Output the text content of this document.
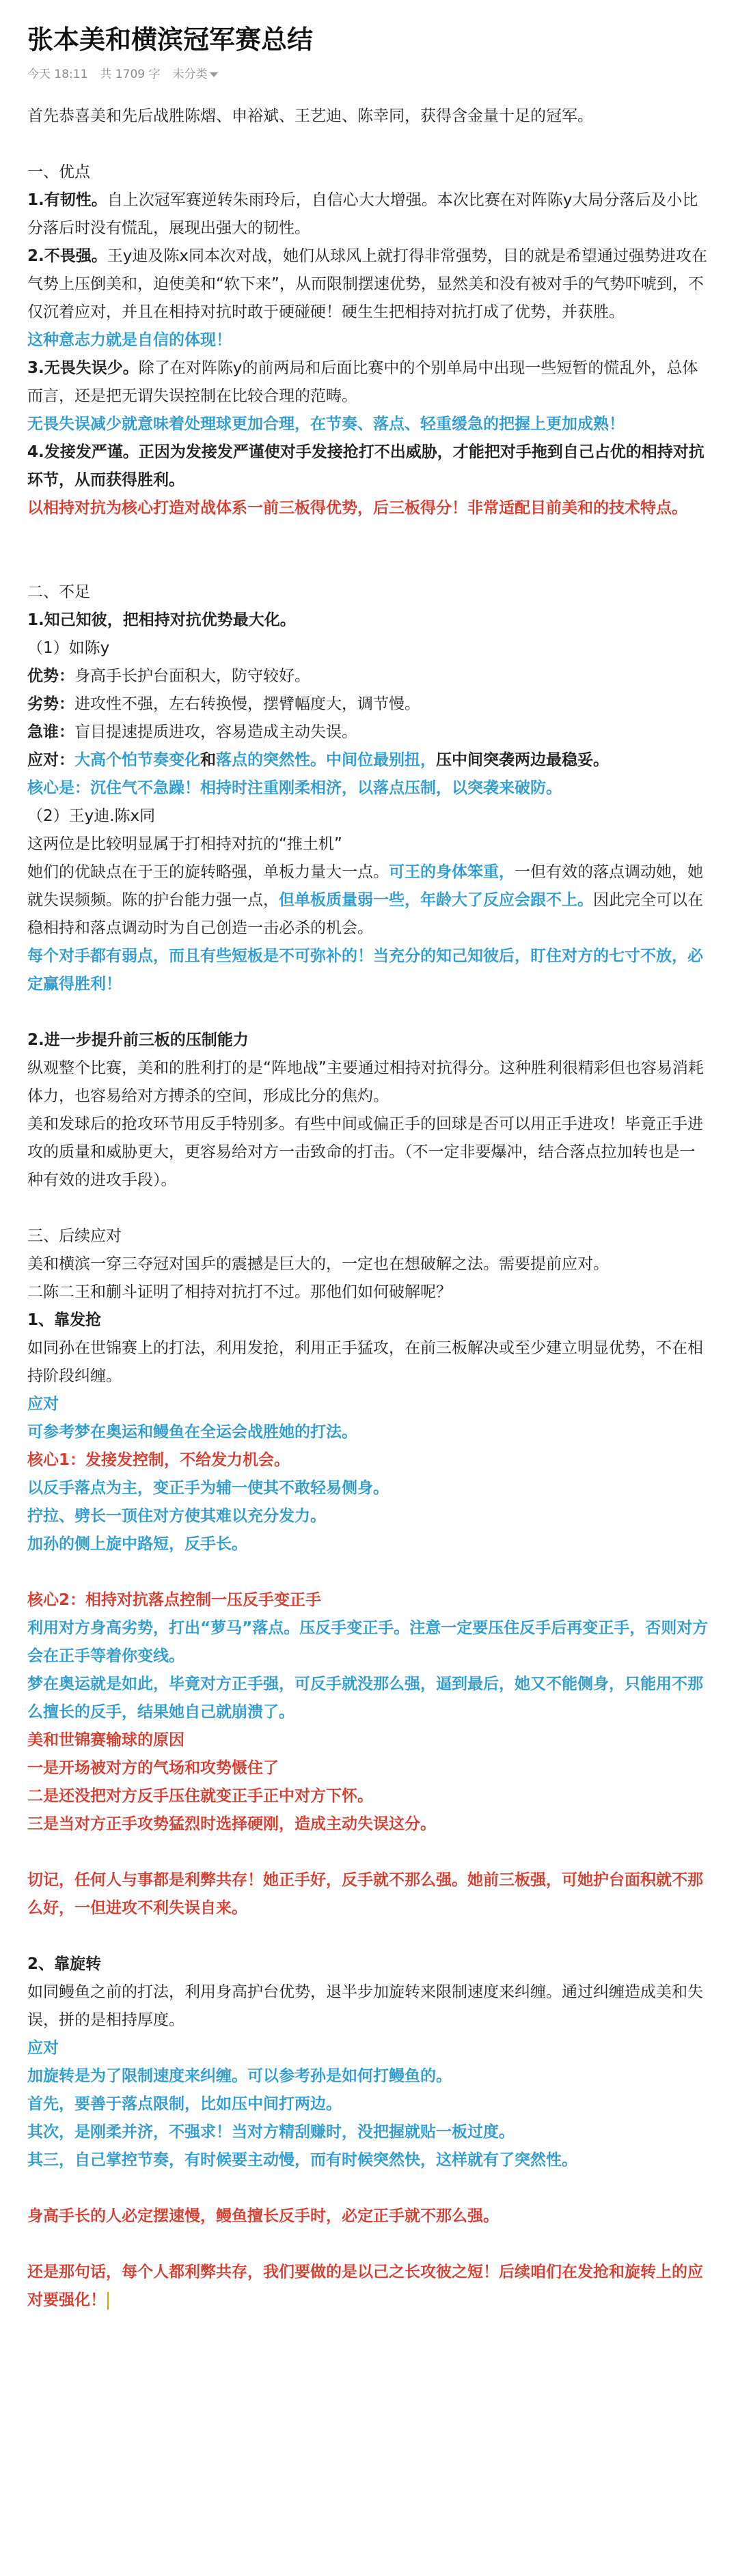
张本美和横滨冠军赛总结
今天 18:11 共 1709 字 未分类

首先恭喜美和先后战胜陈熠、申裕斌、王艺迪、陈幸同，获得含金量十足的冠军。

一、优点

1.有韧性。自上次冠军赛逆转朱雨玲后，自信心大大增强。本次比赛在对阵陈y大局分落后及小比分落后时没有慌乱，展现出强大的韧性。

2.不畏强。王y迪及陈x同本次对战，她们从球风上就打得非常强势，目的就是希望通过强势进攻在气势上压倒美和，迫使美和“软下来”，从而限制摆速优势，显然美和没有被对手的气势吓唬到，不仅沉着应对，并且在相持对抗时敢于硬碰硬！硬生生把相持对抗打成了优势，并获胜。

这种意志力就是自信的体现！

3.无畏失误少。除了在对阵陈y的前两局和后面比赛中的个别单局中出现一些短暂的慌乱外，总体而言，还是把无谓失误控制在比较合理的范畴。

无畏失误减少就意味着处理球更加合理，在节奏、落点、轻重缓急的把握上更加成熟！

4.发接发严谨。正因为发接发严谨使对手发接抢打不出威胁，才能把对手拖到自己占优的相持对抗环节，从而获得胜利。

以相持对抗为核心打造对战体系一前三板得优势，后三板得分！非常适配目前美和的技术特点。

二、不足

1.知己知彼，把相持对抗优势最大化。

（1）如陈y

优势：身高手长护台面积大，防守较好。

劣势：进攻性不强，左右转换慢，摆臂幅度大，调节慢。

急谁：盲目提速提质进攻，容易造成主动失误。

应对：大高个怕节奏变化和落点的突然性。中间位最别扭，压中间突袭两边最稳妥。

核心是：沉住气不急躁！相持时注重刚柔相济，以落点压制，以突袭来破防。

（2）王y迪.陈x同

这两位是比较明显属于打相持对抗的“推土机”

她们的优缺点在于王的旋转略强，单板力量大一点。可王的身体笨重，一但有效的落点调动她，她就失误频频。陈的护台能力强一点，但单板质量弱一些，年龄大了反应会跟不上。因此完全可以在稳相持和落点调动时为自己创造一击必杀的机会。

每个对手都有弱点，而且有些短板是不可弥补的！当充分的知己知彼后，盯住对方的七寸不放，必定赢得胜利！

2.进一步提升前三板的压制能力

纵观整个比赛，美和的胜利打的是“阵地战”主要通过相持对抗得分。这种胜利很精彩但也容易消耗体力，也容易给对方搏杀的空间，形成比分的焦灼。

美和发球后的抢攻环节用反手特别多。有些中间或偏正手的回球是否可以用正手进攻！毕竟正手进攻的质量和威胁更大，更容易给对方一击致命的打击。（不一定非要爆冲，结合落点拉加转也是一种有效的进攻手段）。

三、后续应对

美和横滨一穿三夺冠对国乒的震撼是巨大的，一定也在想破解之法。需要提前应对。

二陈二王和蒯斗证明了相持对抗打不过。那他们如何破解呢？

1、靠发抢

如同孙在世锦赛上的打法，利用发抢，利用正手猛攻，在前三板解决或至少建立明显优势，不在相持阶段纠缠。

应对

可参考梦在奥运和鳗鱼在全运会战胜她的打法。

核心1：发接发控制，不给发力机会。

以反手落点为主，变正手为辅一使其不敢轻易侧身。

拧拉、劈长一顶住对方使其难以充分发力。

加孙的侧上旋中路短，反手长。

核心2：相持对抗落点控制一压反手变正手

利用对方身高劣势，打出“萝马”落点。压反手变正手。注意一定要压住反手后再变正手，否则对方会在正手等着你变线。

梦在奥运就是如此，毕竟对方正手强，可反手就没那么强，逼到最后，她又不能侧身，只能用不那么擅长的反手，结果她自己就崩溃了。

美和世锦赛输球的原因

一是开场被对方的气场和攻势慑住了

二是还没把对方反手压住就变正手正中对方下怀。

三是当对方正手攻势猛烈时选择硬刚，造成主动失误这分。

切记，任何人与事都是利弊共存！她正手好，反手就不那么强。她前三板强，可她护台面积就不那么好，一但进攻不利失误自来。

2、靠旋转

如同鳗鱼之前的打法，利用身高护台优势，退半步加旋转来限制速度来纠缠。通过纠缠造成美和失误，拼的是相持厚度。

应对

加旋转是为了限制速度来纠缠。可以参考孙是如何打鳗鱼的。

首先，要善于落点限制，比如压中间打两边。

其次，是刚柔并济，不强求！当对方精刮赚时，没把握就贴一板过度。

其三，自己掌控节奏，有时候要主动慢，而有时候突然快，这样就有了突然性。

身高手长的人必定摆速慢，鳗鱼擅长反手时，必定正手就不那么强。

还是那句话，每个人都利弊共存，我们要做的是以己之长攻彼之短！后续咱们在发抢和旋转上的应对要强化！
